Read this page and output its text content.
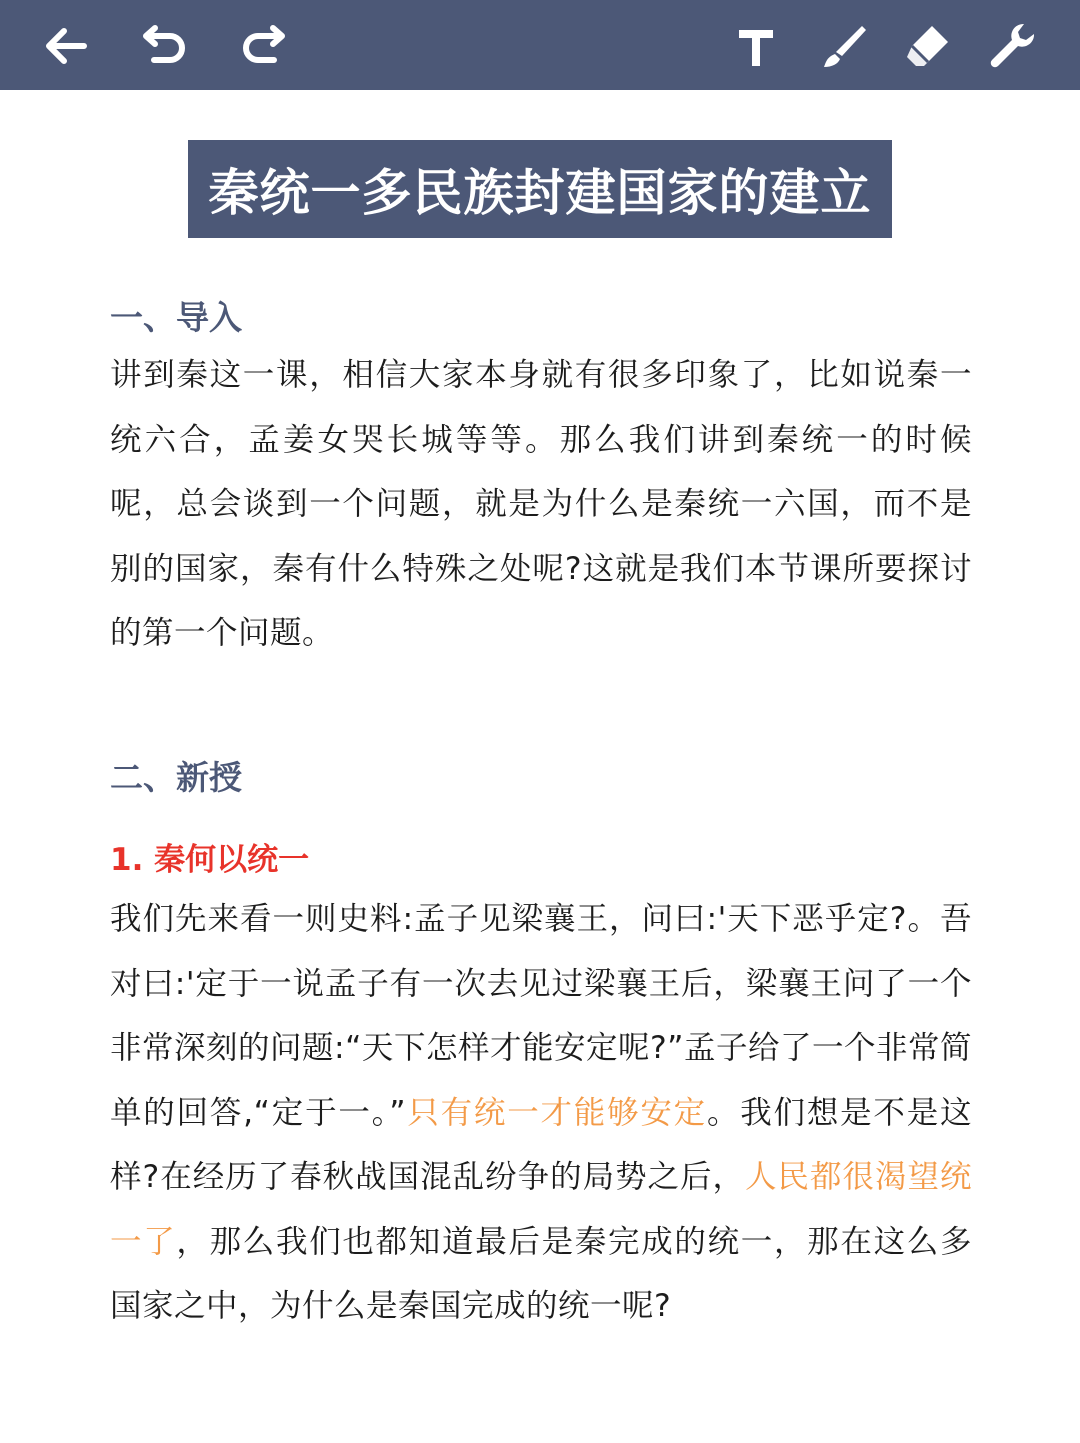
秦统一多民族封建国家的建立
一、导入
讲到秦这一课，相信大家本身就有很多印象了，比如说秦一统六合，孟姜女哭长城等等。那么我们讲到秦统一的时候呢，总会谈到一个问题，就是为什么是秦统一六国，而不是别的国家，秦有什么特殊之处呢?这就是我们本节课所要探讨的第一个问题。
二、新授
1. 秦何以统一
我们先来看一则史料:孟子见梁襄王，问曰:'天下恶乎定?。吾对曰:'定于一说孟子有一次去见过梁襄王后，梁襄王问了一个非常深刻的问题:“天下怎样才能安定呢?”孟子给了一个非常简单的回答,“定于一。”只有统一才能够安定。我们想是不是这样?在经历了春秋战国混乱纷争的局势之后，人民都很渴望统一了，那么我们也都知道最后是秦完成的统一，那在这么多国家之中，为什么是秦国完成的统一呢?
